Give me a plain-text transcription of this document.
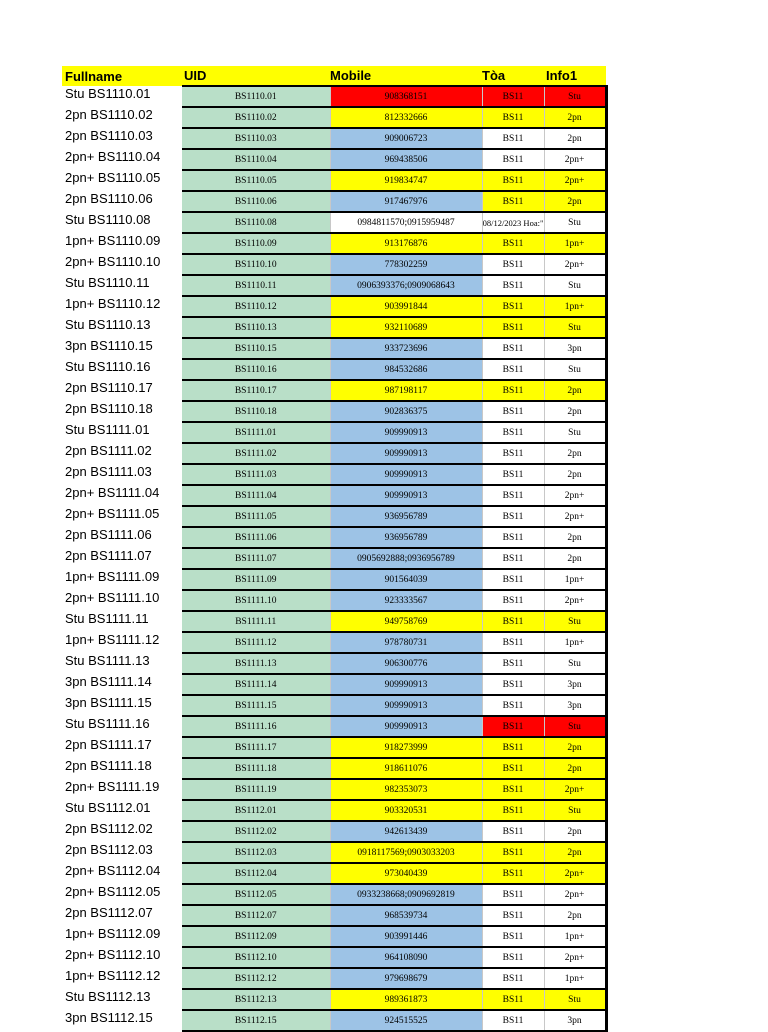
Fullname	UID	Mobile	Tòa	Info1
Stu BS1110.01	BS1110.01	908368151	BS11	Stu
2pn BS1110.02	BS1110.02	812332666	BS11	2pn
2pn BS1110.03	BS1110.03	909006723	BS11	2pn
2pn+ BS1110.04	BS1110.04	969438506	BS11	2pn+
2pn+ BS1110.05	BS1110.05	919834747	BS11	2pn+
2pn BS1110.06	BS1110.06	917467976	BS11	2pn
Stu BS1110.08	BS1110.08	0984811570;0915959487	08/12/2023 Hoa:"	Stu
1pn+ BS1110.09	BS1110.09	913176876	BS11	1pn+
2pn+ BS1110.10	BS1110.10	778302259	BS11	2pn+
Stu BS1110.11	BS1110.11	0906393376;0909068643	BS11	Stu
1pn+ BS1110.12	BS1110.12	903991844	BS11	1pn+
Stu BS1110.13	BS1110.13	932110689	BS11	Stu
3pn BS1110.15	BS1110.15	933723696	BS11	3pn
Stu BS1110.16	BS1110.16	984532686	BS11	Stu
2pn BS1110.17	BS1110.17	987198117	BS11	2pn
2pn BS1110.18	BS1110.18	902836375	BS11	2pn
Stu BS1111.01	BS1111.01	909990913	BS11	Stu
2pn BS1111.02	BS1111.02	909990913	BS11	2pn
2pn BS1111.03	BS1111.03	909990913	BS11	2pn
2pn+ BS1111.04	BS1111.04	909990913	BS11	2pn+
2pn+ BS1111.05	BS1111.05	936956789	BS11	2pn+
2pn BS1111.06	BS1111.06	936956789	BS11	2pn
2pn BS1111.07	BS1111.07	0905692888;0936956789	BS11	2pn
1pn+ BS1111.09	BS1111.09	901564039	BS11	1pn+
2pn+ BS1111.10	BS1111.10	923333567	BS11	2pn+
Stu BS1111.11	BS1111.11	949758769	BS11	Stu
1pn+ BS1111.12	BS1111.12	978780731	BS11	1pn+
Stu BS1111.13	BS1111.13	906300776	BS11	Stu
3pn BS1111.14	BS1111.14	909990913	BS11	3pn
3pn BS1111.15	BS1111.15	909990913	BS11	3pn
Stu BS1111.16	BS1111.16	909990913	BS11	Stu
2pn BS1111.17	BS1111.17	918273999	BS11	2pn
2pn BS1111.18	BS1111.18	918611076	BS11	2pn
2pn+ BS1111.19	BS1111.19	982353073	BS11	2pn+
Stu BS1112.01	BS1112.01	903320531	BS11	Stu
2pn BS1112.02	BS1112.02	942613439	BS11	2pn
2pn BS1112.03	BS1112.03	0918117569;0903033203	BS11	2pn
2pn+ BS1112.04	BS1112.04	973040439	BS11	2pn+
2pn+ BS1112.05	BS1112.05	0933238668;0909692819	BS11	2pn+
2pn BS1112.07	BS1112.07	968539734	BS11	2pn
1pn+ BS1112.09	BS1112.09	903991446	BS11	1pn+
2pn+ BS1112.10	BS1112.10	964108090	BS11	2pn+
1pn+ BS1112.12	BS1112.12	979698679	BS11	1pn+
Stu BS1112.13	BS1112.13	989361873	BS11	Stu
3pn BS1112.15	BS1112.15	924515525	BS11	3pn
